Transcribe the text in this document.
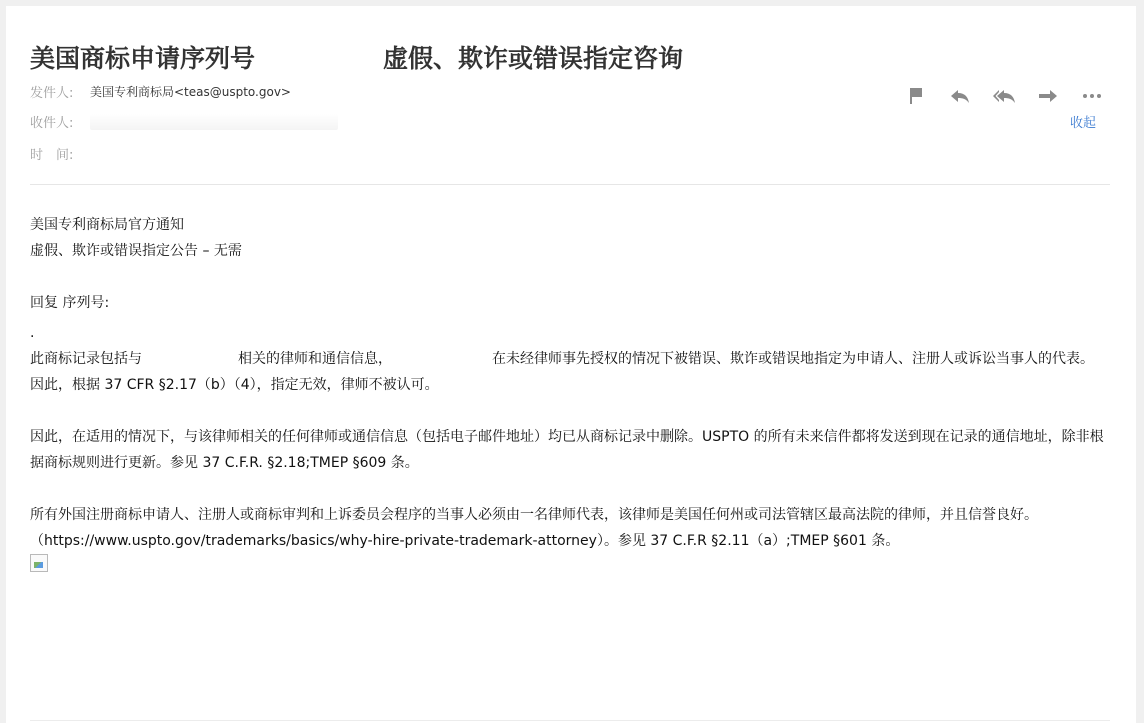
美国商标申请序列号	虚假、欺诈或错误指定咨询
发件人:	美国专利商标局<teas@uspto.gov>
收件人:
时　间:
收起

美国专利商标局官方通知

虚假、欺诈或错误指定公告 – 无需

回复 序列号:

·

此商标记录包括与	相关的律师和通信信息，	在未经律师事先授权的情况下被错误、欺诈或错误地指定为申请人、注册人或诉讼当事人的代表。 因此，根据 37 CFR §2.17（b）（4），指定无效，律师不被认可。

因此，在适用的情况下，与该律师相关的任何律师或通信信息（包括电子邮件地址）均已从商标记录中删除。USPTO 的所有未来信件都将发送到现在记录的通信地址，除非根据商标规则进行更新。参见 37 C.F.R. §2.18;TMEP §609 条。

所有外国注册商标申请人、注册人或商标审判和上诉委员会程序的当事人必须由一名律师代表，该律师是美国任何州或司法管辖区最高法院的律师，并且信誉良好。（https://www.uspto.gov/trademarks/basics/why-hire-private-trademark-attorney）。参见 37 C.F.R §2.11（a）;TMEP §601 条。
